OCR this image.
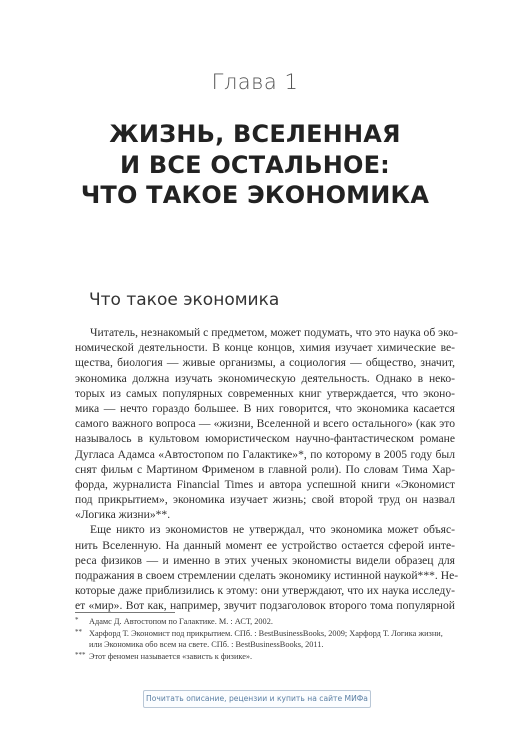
Глава 1
ЖИЗНЬ, ВСЕЛЕННАЯ
И ВСЕ ОСТАЛЬНОЕ:
ЧТО ТАКОЕ ЭКОНОМИКА
Что такое экономика
Читатель, незнакомый с предметом, может подумать, что это наука об эко-
номической деятельности. В конце концов, химия изучает химические ве-
щества, биология — живые организмы, а социология — общество, значит,
экономика должна изучать экономическую деятельность. Однако в неко-
торых из самых популярных современных книг утверждается, что эконо-
мика — нечто гораздо большее. В них говорится, что экономика касается
самого важного вопроса — «жизни, Вселенной и всего остального» (как это
называлось в культовом юмористическом научно-фантастическом романе
Дугласа Адамса «Автостопом по Галактике»*, по которому в 2005 году был
снят фильм с Мартином Фрименом в главной роли). По словам Тима Хар-
форда, журналиста Financial Times и автора успешной книги «Экономист
под прикрытием», экономика изучает жизнь; свой второй труд он назвал
«Логика жизни»**.
Еще никто из экономистов не утверждал, что экономика может объяс-
нить Вселенную. На данный момент ее устройство остается сферой инте-
реса физиков — и именно в этих ученых экономисты видели образец для
подражания в своем стремлении сделать экономику истинной наукой***. Не-
которые даже приблизились к этому: они утверждают, что их наука исследу-
ет «мир». Вот как, например, звучит подзаголовок второго тома популярной
* Адамс Д. Автостопом по Галактике. М. : АСТ, 2002.
** Харфорд Т. Экономист под прикрытием. СПб. : BestBusinessBooks, 2009; Харфорд Т. Логика жизни,
или Экономика обо всем на свете. СПб. : BestBusinessBooks, 2011.
*** Этот феномен называется «зависть к физике».
Почитать описание, рецензии и купить на сайте МИФа
